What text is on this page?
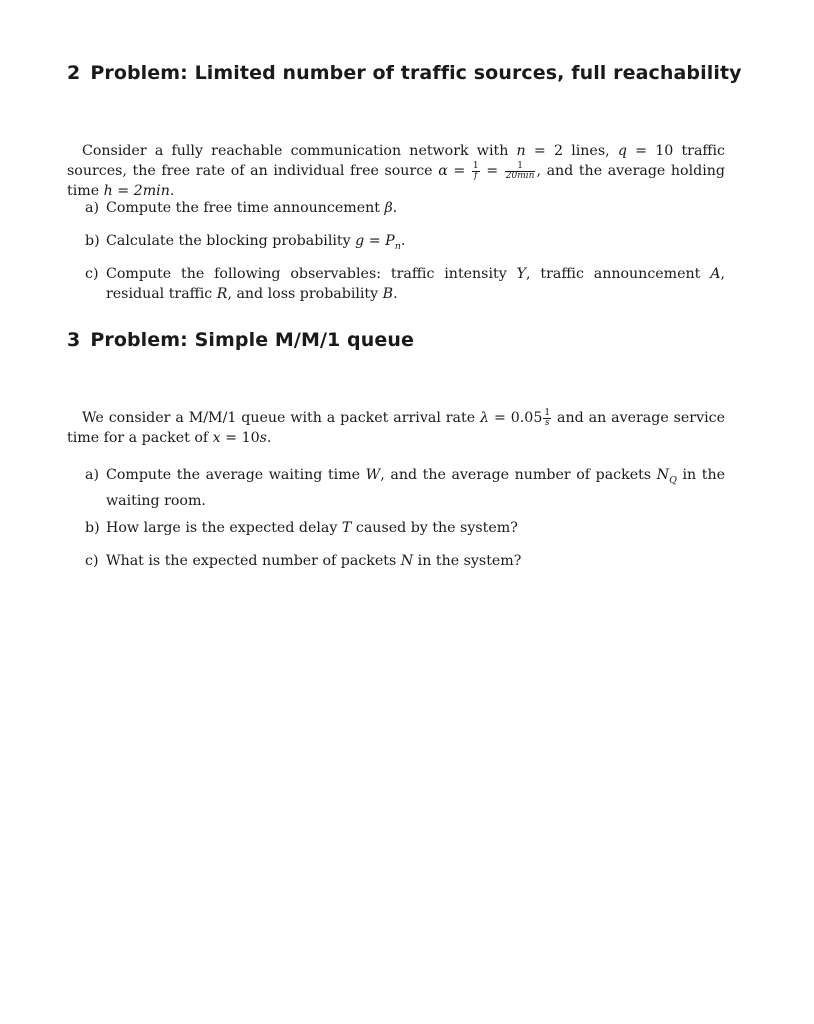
2 Problem: Limited number of traffic sources, full reachability

Consider a fully reachable communication network with n = 2 lines, q = 10 traffic sources, the free rate of an individual free source $\alpha = \frac{1}{f} = \frac{1}{20\min}$ , and the average holding time h = 2min.

a) Compute the free time announcement β.
b) Calculate the blocking probability $g = P_n$.
c) Compute the following observables: traffic intensity Y, traffic announcement A, residual traffic R, and loss probability B.
3 Problem: Simple M/M/1 queue

We consider a M/M/1 queue with a packet arrival rate $\lambda = 0.05 \frac{1}{s}$ and an average service time for a packet of x = 10s.

a) Compute the average waiting time W, and the average number of packets $N_Q$ in the waiting room.
b) How large is the expected delay T caused by the system?
c) What is the expected number of packets N in the system?
